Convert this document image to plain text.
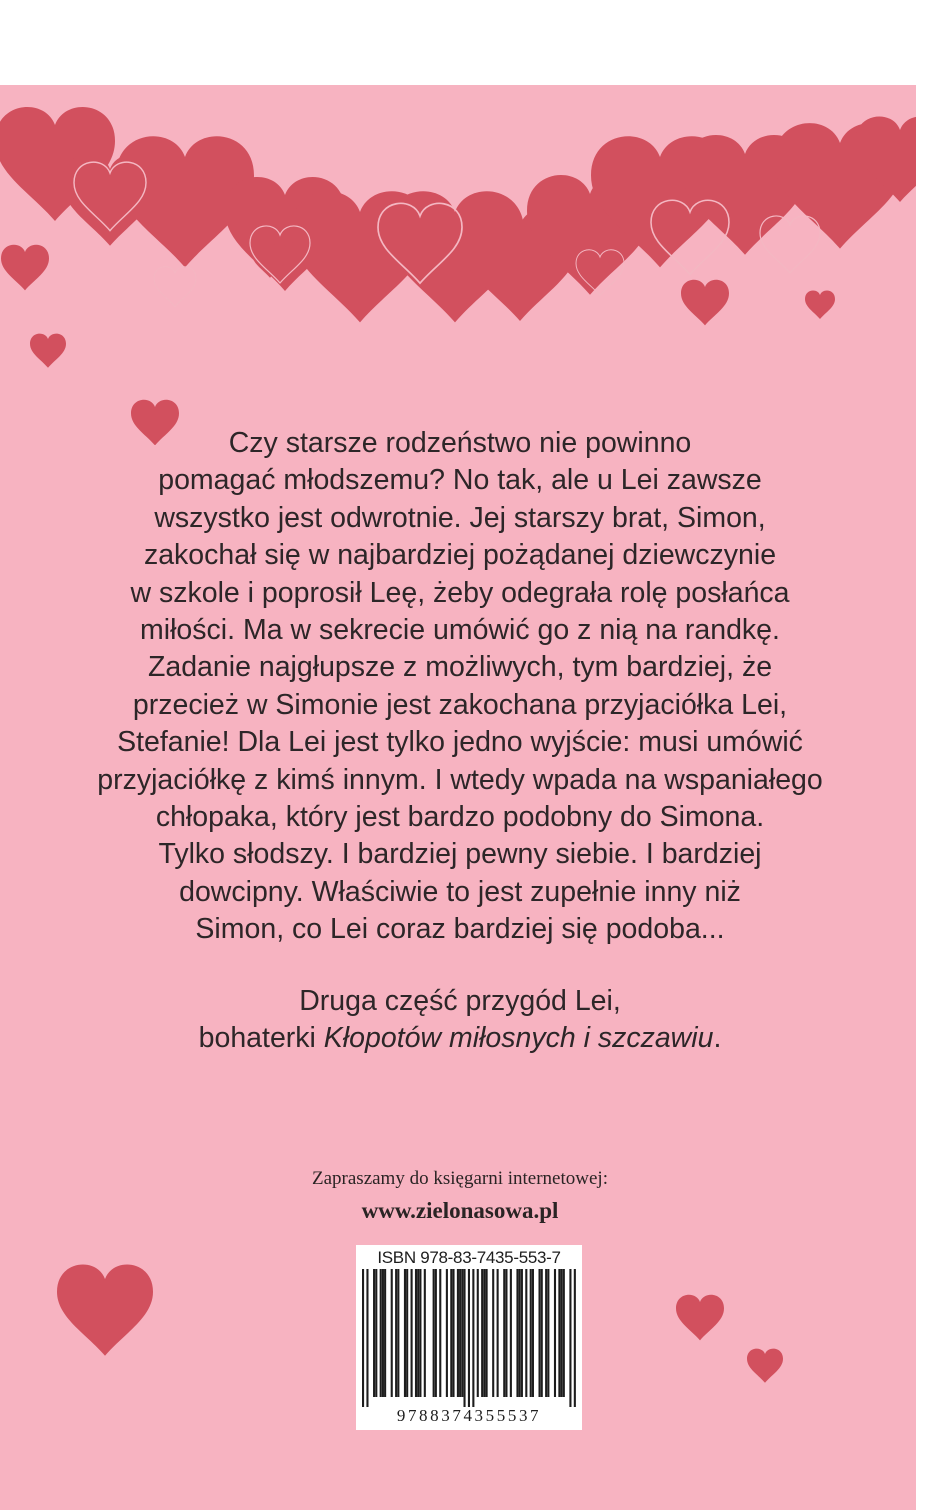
Czy starsze rodzeństwo nie powinno
pomagać młodszemu? No tak, ale u Lei zawsze
wszystko jest odwrotnie. Jej starszy brat, Simon,
zakochał się w najbardziej pożądanej dziewczynie
w szkole i poprosił Leę, żeby odegrała rolę posłańca
miłości. Ma w sekrecie umówić go z nią na randkę.
Zadanie najgłupsze z możliwych, tym bardziej, że
przecież w Simonie jest zakochana przyjaciółka Lei,
Stefanie! Dla Lei jest tylko jedno wyjście: musi umówić
przyjaciółkę z kimś innym. I wtedy wpada na wspaniałego
chłopaka, który jest bardzo podobny do Simona.
Tylko słodszy. I bardziej pewny siebie. I bardziej
dowcipny. Właściwie to jest zupełnie inny niż
Simon, co Lei coraz bardziej się podoba...
Druga część przygód Lei,
bohaterki Kłopotów miłosnych i szczawiu.
Zapraszamy do księgarni internetowej:
www.zielonasowa.pl
ISBN 978-83-7435-553-7
9788374355537
